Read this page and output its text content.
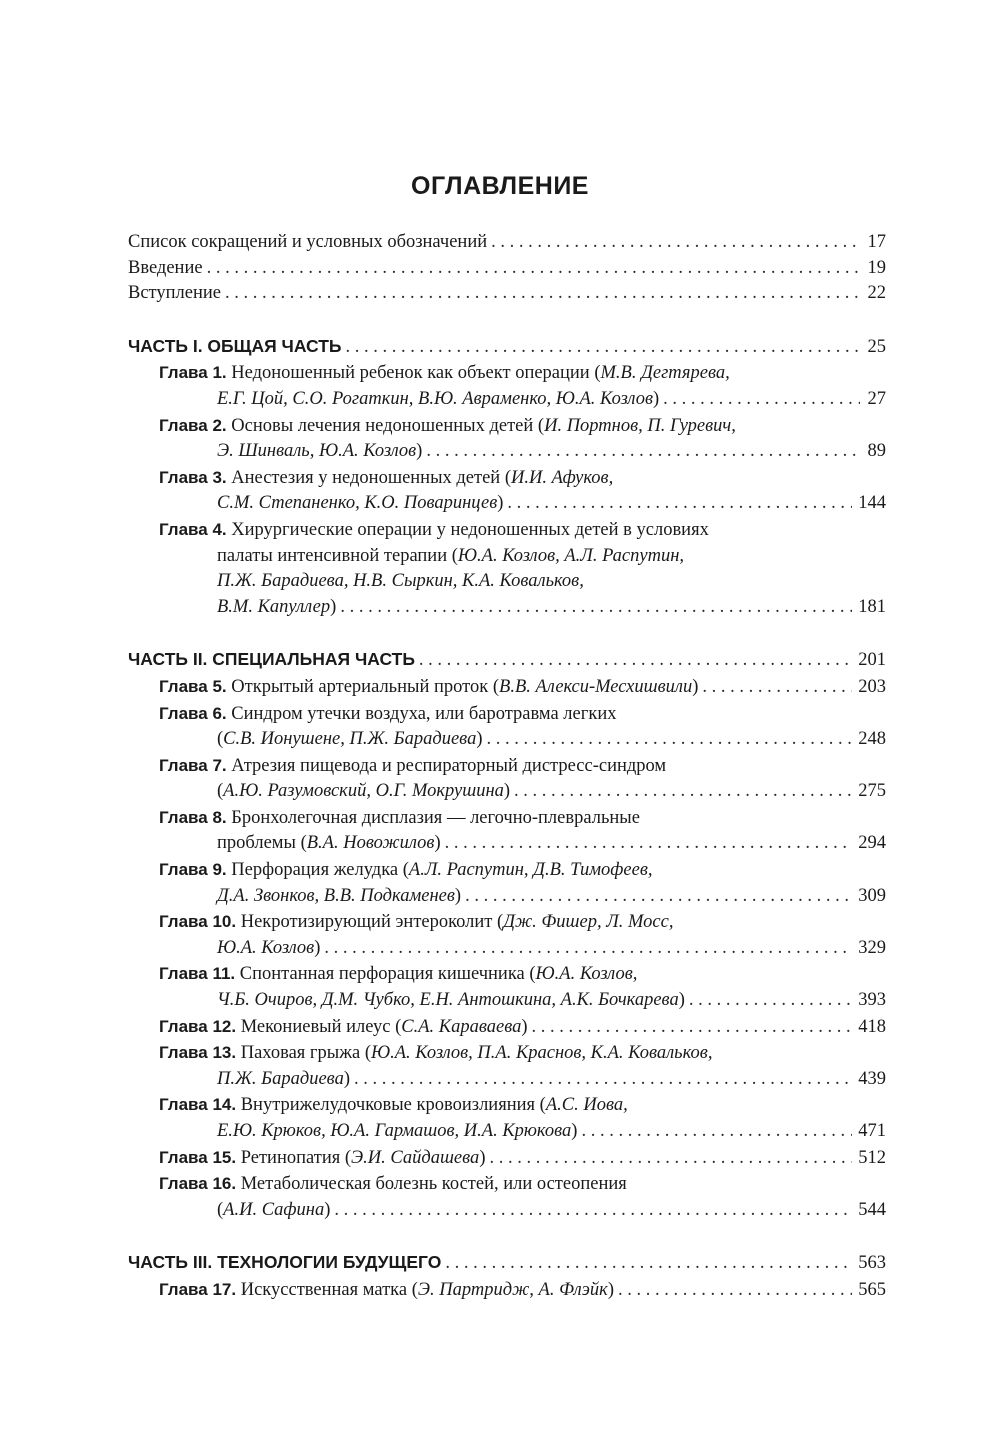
ОГЛАВЛЕНИЕ
Список сокращений и условных обозначений . . .	17
Введение . . .	19
Вступление . . .	22
ЧАСТЬ I. ОБЩАЯ ЧАСТЬ . . .	25
Глава 1. Недоношенный ребенок как объект операции (М.В. Дегтярева,
Е.Г. Цой, С.О. Рогаткин, В.Ю. Авраменко, Ю.А. Козлов) . . .	27
Глава 2. Основы лечения недоношенных детей (И. Портнов, П. Гуревич,
Э. Шинваль, Ю.А. Козлов) . . .	89
Глава 3. Анестезия у недоношенных детей (И.И. Афуков,
С.М. Степаненко, К.О. Поваринцев) . . .	144
Глава 4. Хирургические операции у недоношенных детей в условиях
палаты интенсивной терапии (Ю.А. Козлов, А.Л. Распутин,
П.Ж. Барадиева, Н.В. Сыркин, К.А. Ковальков,
В.М. Капуллер) . . .	181
ЧАСТЬ II. СПЕЦИАЛЬНАЯ ЧАСТЬ . . .	201
Глава 5. Открытый артериальный проток (В.В. Алекси-Месхишвили) . . .	203
Глава 6. Синдром утечки воздуха, или баротравма легких
(С.В. Ионушене, П.Ж. Барадиева) . . .	248
Глава 7. Атрезия пищевода и респираторный дистресс-синдром
(А.Ю. Разумовский, О.Г. Мокрушина) . . .	275
Глава 8. Бронхолегочная дисплазия — легочно-плевральные
проблемы (В.А. Новожилов) . . .	294
Глава 9. Перфорация желудка (А.Л. Распутин, Д.В. Тимофеев,
Д.А. Звонков, В.В. Подкаменев) . . .	309
Глава 10. Некротизирующий энтероколит (Дж. Фишер, Л. Мосс,
Ю.А. Козлов) . . .	329
Глава 11. Спонтанная перфорация кишечника (Ю.А. Козлов,
Ч.Б. Очиров, Д.М. Чубко, Е.Н. Антошкина, А.К. Бочкарева) . . .	393
Глава 12. Мекониевый илеус (С.А. Караваева) . . .	418
Глава 13. Паховая грыжа (Ю.А. Козлов, П.А. Краснов, К.А. Ковальков,
П.Ж. Барадиева) . . .	439
Глава 14. Внутрижелудочковые кровоизлияния (А.С. Иова,
Е.Ю. Крюков, Ю.А. Гармашов, И.А. Крюкова) . . .	471
Глава 15. Ретинопатия (Э.И. Сайдашева) . . .	512
Глава 16. Метаболическая болезнь костей, или остеопения
(А.И. Сафина) . . .	544
ЧАСТЬ III. ТЕХНОЛОГИИ БУДУЩЕГО . . .	563
Глава 17. Искусственная матка (Э. Партридж, А. Флэйк) . . .	565
